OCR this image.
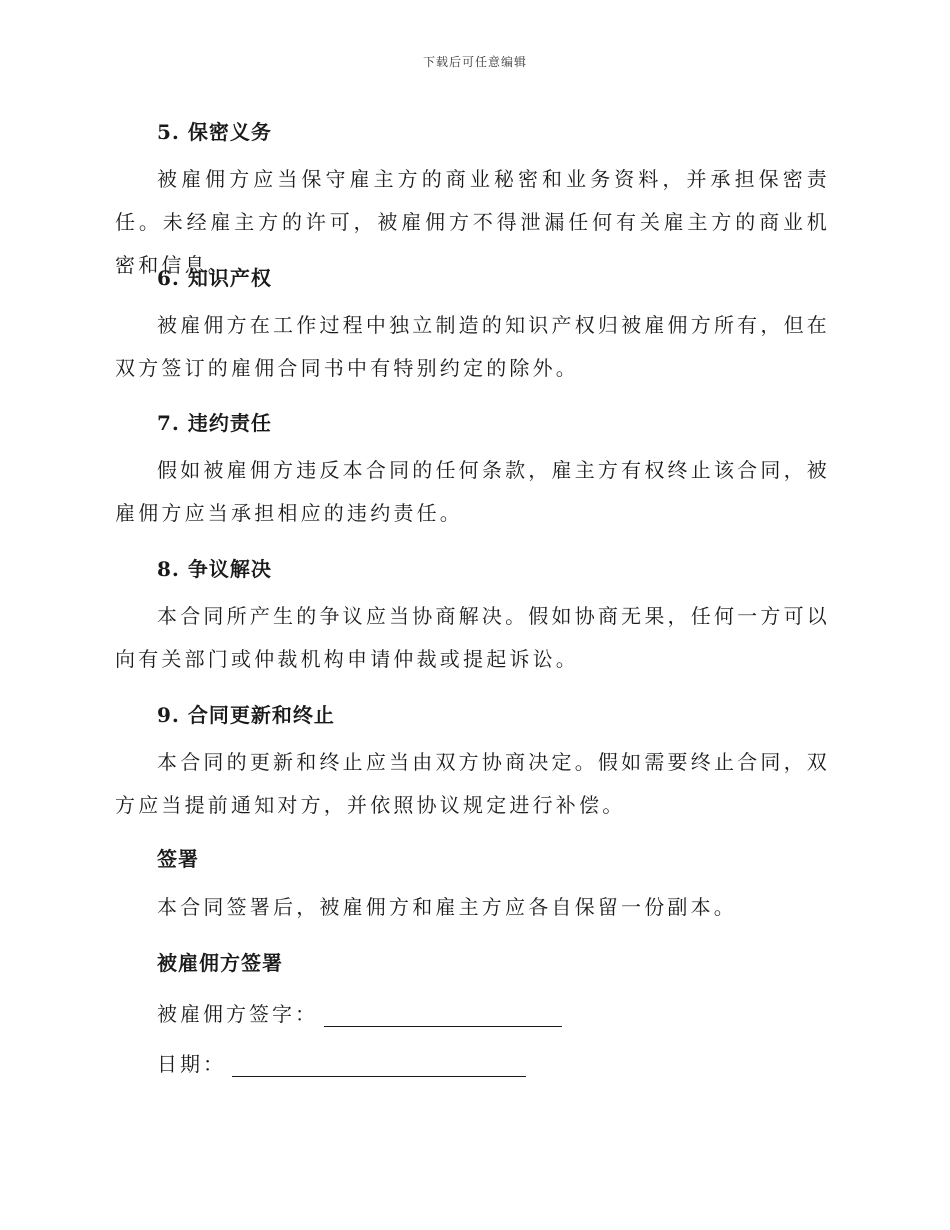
下载后可任意编辑
5. 保密义务
被雇佣方应当保守雇主方的商业秘密和业务资料，并承担保密责任。未经雇主方的许可，被雇佣方不得泄漏任何有关雇主方的商业机密和信息。
6. 知识产权
被雇佣方在工作过程中独立制造的知识产权归被雇佣方所有，但在双方签订的雇佣合同书中有特别约定的除外。
7. 违约责任
假如被雇佣方违反本合同的任何条款，雇主方有权终止该合同，被雇佣方应当承担相应的违约责任。
8. 争议解决
本合同所产生的争议应当协商解决。假如协商无果，任何一方可以向有关部门或仲裁机构申请仲裁或提起诉讼。
9. 合同更新和终止
本合同的更新和终止应当由双方协商决定。假如需要终止合同，双方应当提前通知对方，并依照协议规定进行补偿。
签署
本合同签署后，被雇佣方和雇主方应各自保留一份副本。
被雇佣方签署
被雇佣方签字：
日期：
